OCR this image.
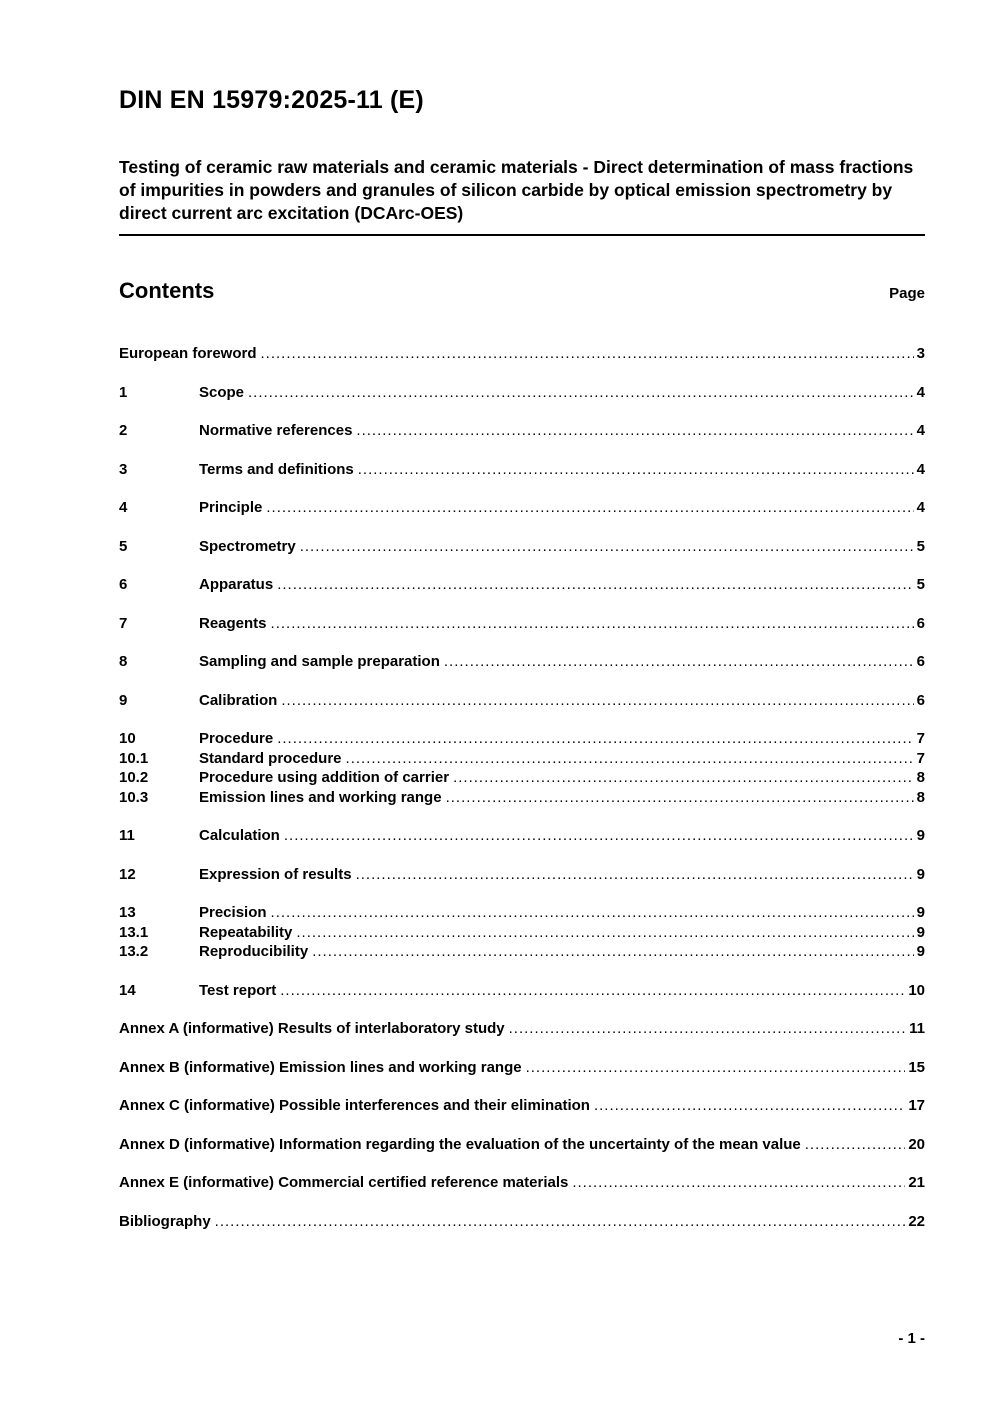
DIN EN 15979:2025-11 (E)
Testing of ceramic raw materials and ceramic materials - Direct determination of mass fractions of impurities in powders and granules of silicon carbide by optical emission spectrometry by direct current arc excitation (DCArc-OES)
Contents	Page
European foreword .....	3
1	Scope .....	4
2	Normative references .....	4
3	Terms and definitions .....	4
4	Principle .....	4
5	Spectrometry .....	5
6	Apparatus .....	5
7	Reagents .....	6
8	Sampling and sample preparation .....	6
9	Calibration .....	6
10	Procedure .....	7
10.1	Standard procedure .....	7
10.2	Procedure using addition of carrier .....	8
10.3	Emission lines and working range .....	8
11	Calculation .....	9
12	Expression of results .....	9
13	Precision .....	9
13.1	Repeatability .....	9
13.2	Reproducibility .....	9
14	Test report .....	10
Annex A (informative) Results of interlaboratory study .....	11
Annex B (informative) Emission lines and working range .....	15
Annex C (informative) Possible interferences and their elimination .....	17
Annex D (informative) Information regarding the evaluation of the uncertainty of the mean value .....	20
Annex E (informative) Commercial certified reference materials .....	21
Bibliography .....	22
- 1 -
